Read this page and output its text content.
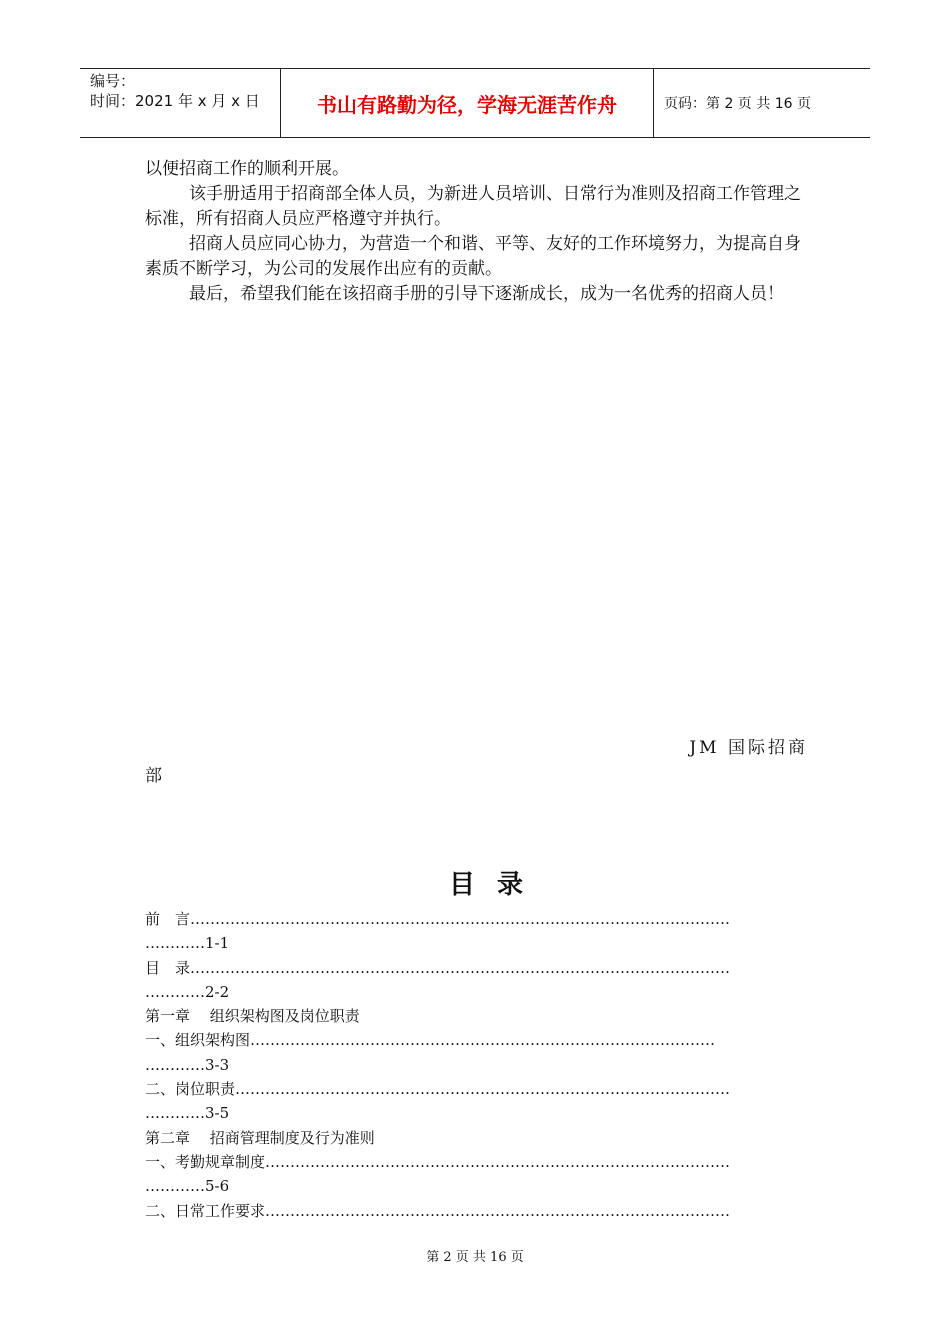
编号：
时间：2021 年 x 月 x 日	书山有路勤为径，学海无涯苦作舟	页码：第 2 页 共 16 页

以便招商工作的顺利开展。

该手册适用于招商部全体人员，为新进人员培训、日常行为准则及招商工作管理之标准，所有招商人员应严格遵守并执行。

招商人员应同心协力，为营造一个和谐、平等、友好的工作环境努力，为提高自身素质不断学习，为公司的发展作出应有的贡献。

最后，希望我们能在该招商手册的引导下逐渐成长，成为一名优秀的招商人员！

JM 国际招商
部
目录
前　言………………………………………………………………………………………………
…………1-1
目　录………………………………………………………………………………………………
…………2-2
第一章　 组织架构图及岗位职责
一、组织架构图…………………………………………………………………………………
…………3-3
二、岗位职责………………………………………………………………………………………
…………3-5
第二章　 招商管理制度及行为准则
一、考勤规章制度…………………………………………………………………………………
…………5-6
二、日常工作要求…………………………………………………………………………………
第 2 页 共 16 页
